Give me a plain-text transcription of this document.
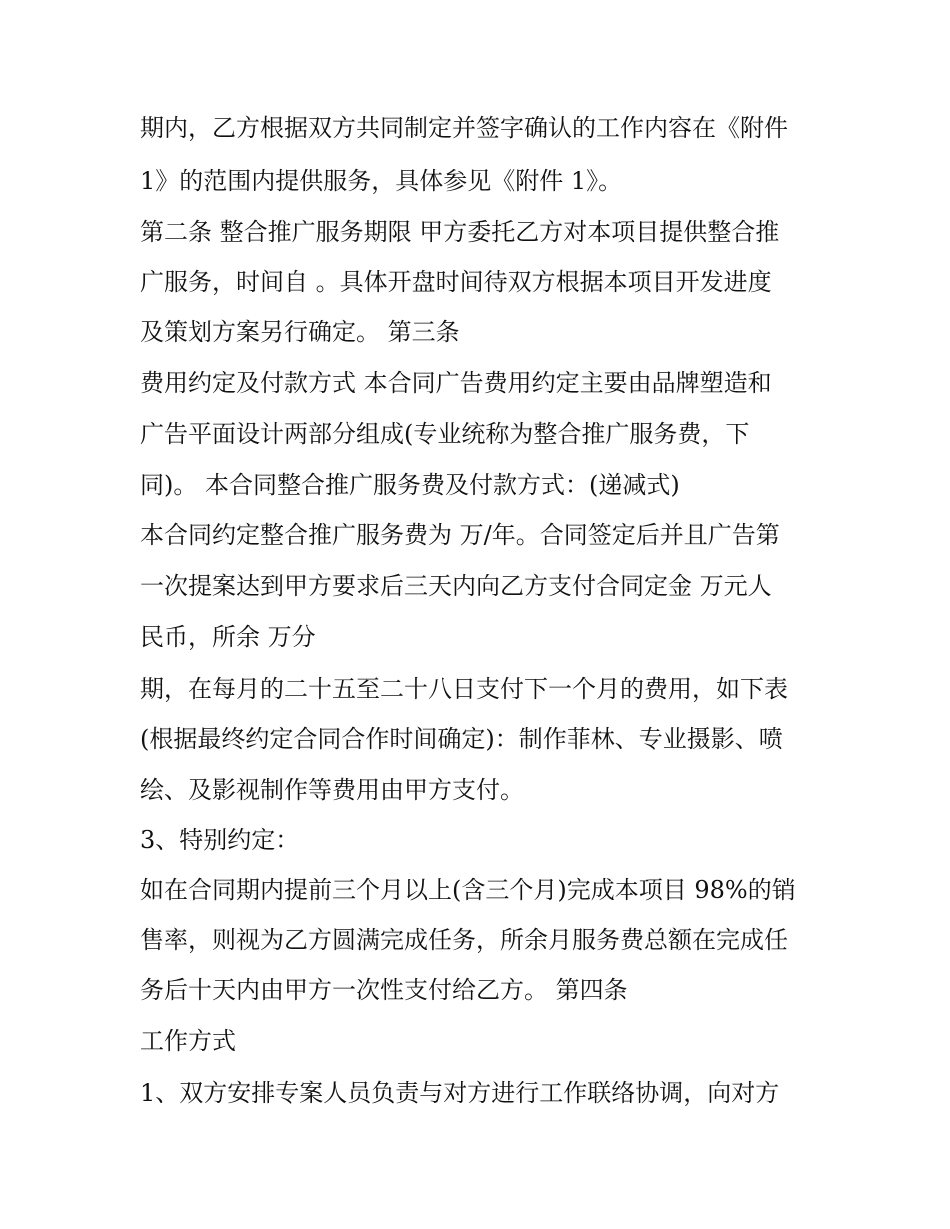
期内，乙方根据双方共同制定并签字确认的工作内容在《附件
1》的范围内提供服务，具体参见《附件 1》。
第二条 整合推广服务期限 甲方委托乙方对本项目提供整合推
广服务，时间自 。具体开盘时间待双方根据本项目开发进度
及策划方案另行确定。 第三条
费用约定及付款方式 本合同广告费用约定主要由品牌塑造和
广告平面设计两部分组成(专业统称为整合推广服务费，下
同)。 本合同整合推广服务费及付款方式：(递减式)
本合同约定整合推广服务费为 万/年。合同签定后并且广告第
一次提案达到甲方要求后三天内向乙方支付合同定金 万元人
民币，所余 万分
期，在每月的二十五至二十八日支付下一个月的费用，如下表
(根据最终约定合同合作时间确定)：制作菲林、专业摄影、喷
绘、及影视制作等费用由甲方支付。
3、特别约定：
如在合同期内提前三个月以上(含三个月)完成本项目 98%的销
售率，则视为乙方圆满完成任务，所余月服务费总额在完成任
务后十天内由甲方一次性支付给乙方。 第四条
工作方式
1、双方安排专案人员负责与对方进行工作联络协调，向对方
